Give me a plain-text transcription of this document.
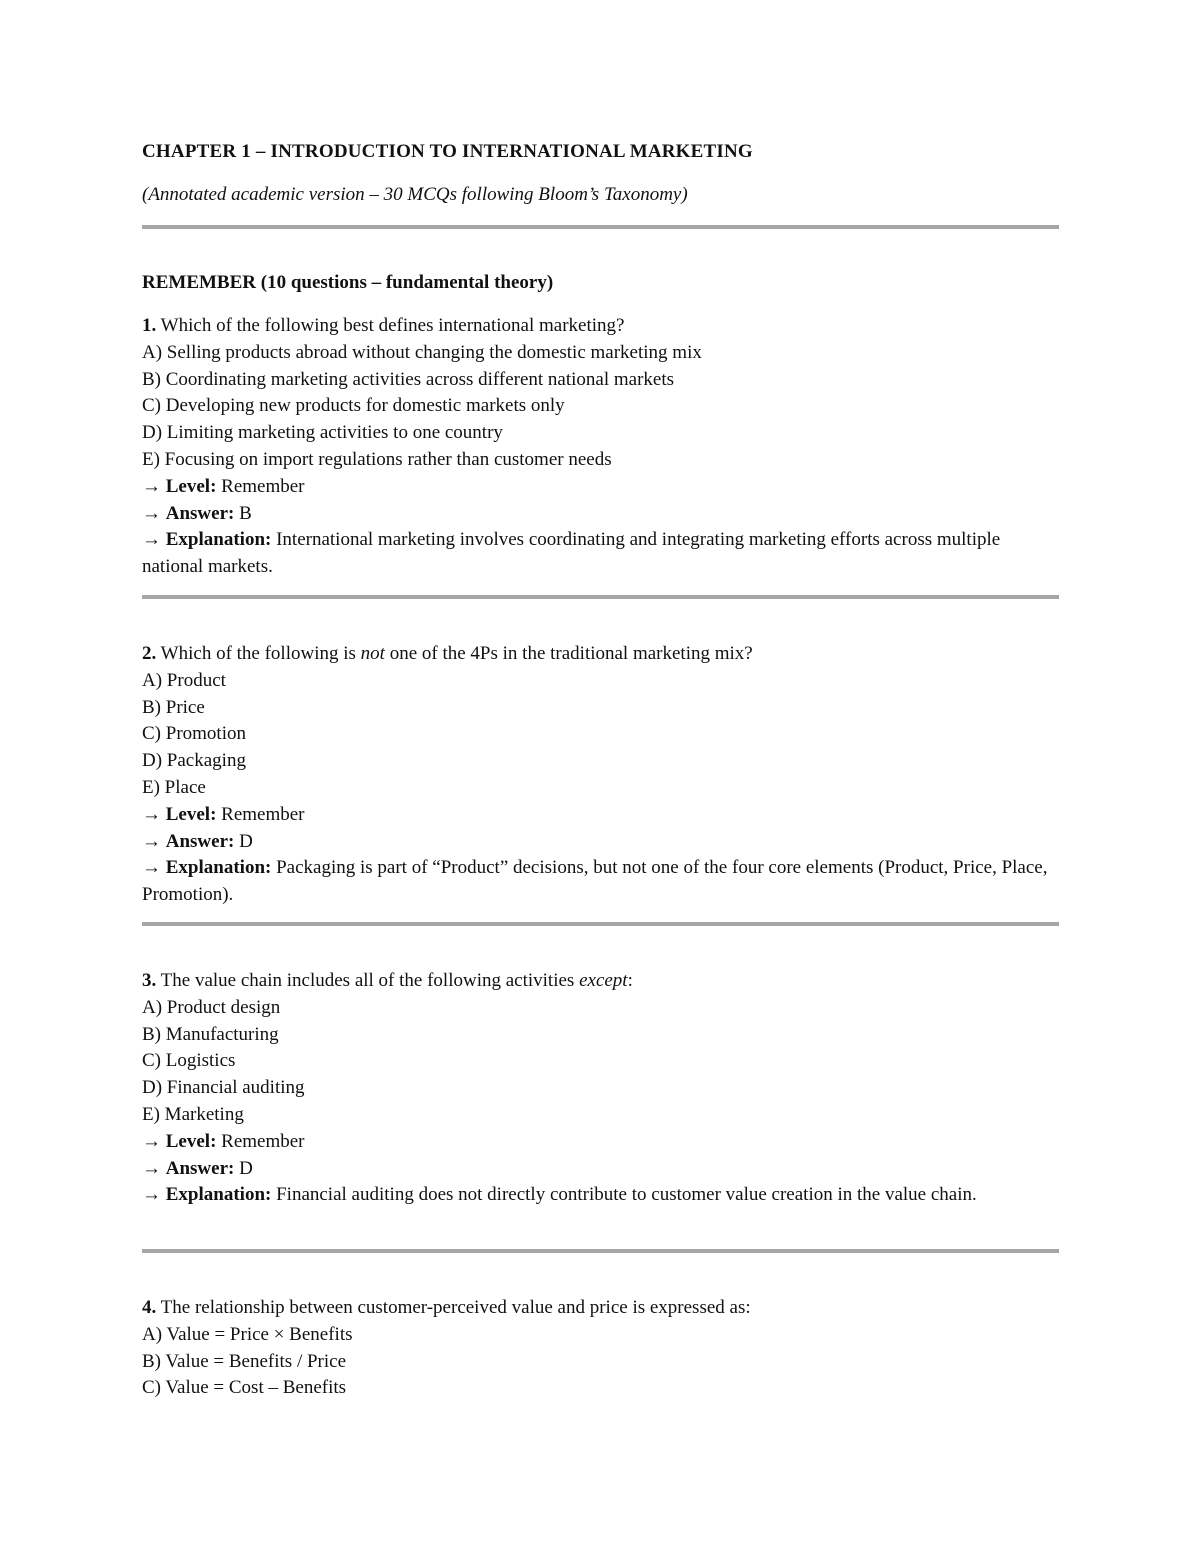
CHAPTER 1 – INTRODUCTION TO INTERNATIONAL MARKETING

(Annotated academic version – 30 MCQs following Bloom’s Taxonomy)

REMEMBER (10 questions – fundamental theory)
1. Which of the following best defines international marketing?
A) Selling products abroad without changing the domestic marketing mix
B) Coordinating marketing activities across different national markets
C) Developing new products for domestic markets only
D) Limiting marketing activities to one country
E) Focusing on import regulations rather than customer needs
→ Level: Remember
→ Answer: B
→ Explanation: International marketing involves coordinating and integrating marketing efforts across multiple national markets.
2. Which of the following is not one of the 4Ps in the traditional marketing mix?
A) Product
B) Price
C) Promotion
D) Packaging
E) Place
→ Level: Remember
→ Answer: D
→ Explanation: Packaging is part of “Product” decisions, but not one of the four core elements (Product, Price, Place, Promotion).
3. The value chain includes all of the following activities except:
A) Product design
B) Manufacturing
C) Logistics
D) Financial auditing
E) Marketing
→ Level: Remember
→ Answer: D
→ Explanation: Financial auditing does not directly contribute to customer value creation in the value chain.
4. The relationship between customer-perceived value and price is expressed as:
A) Value = Price × Benefits
B) Value = Benefits / Price
C) Value = Cost – Benefits
